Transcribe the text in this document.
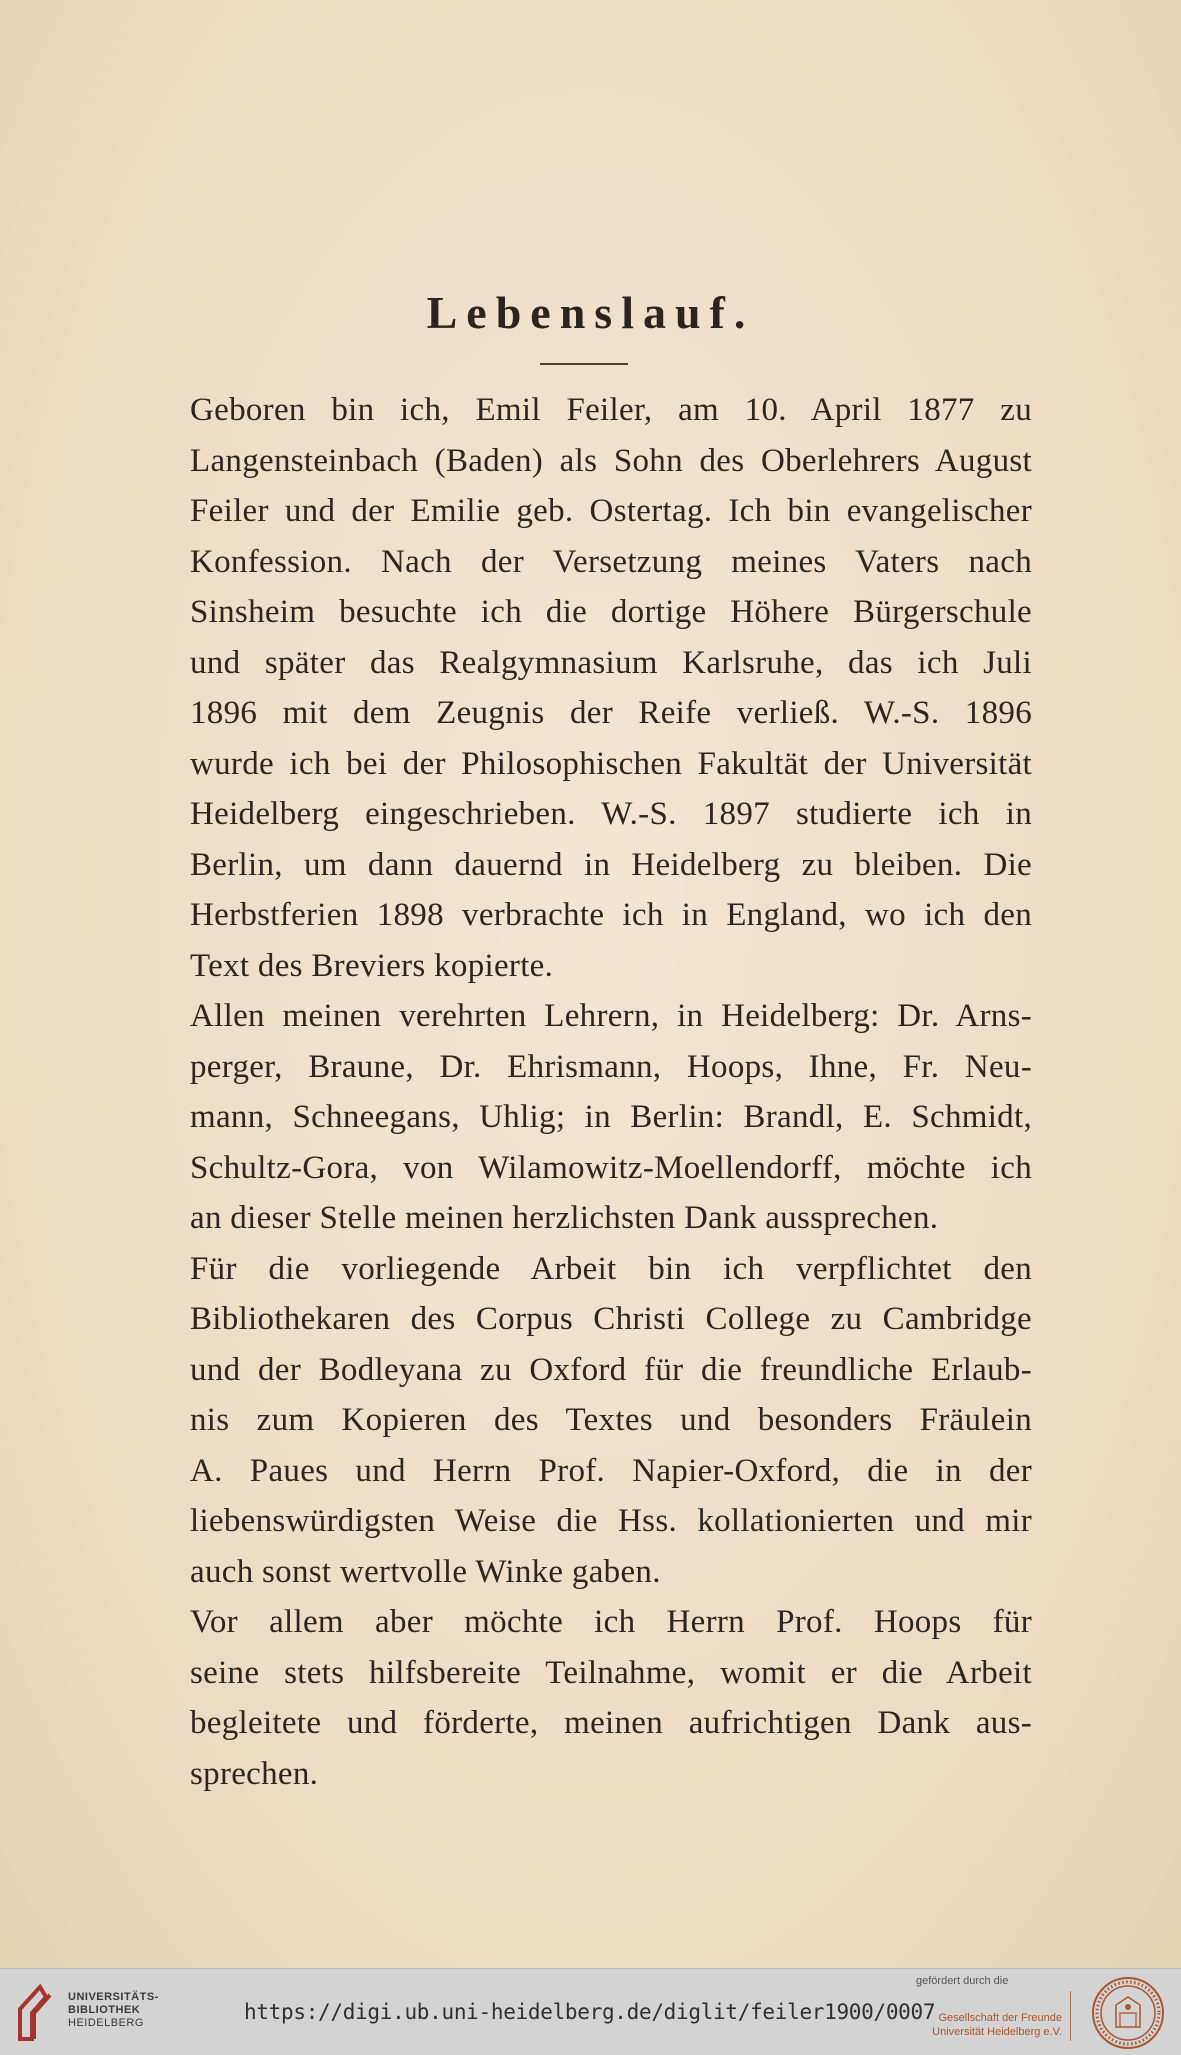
Lebenslauf.

Geboren bin ich, Emil Feiler, am 10. April 1877 zu
Langensteinbach (Baden) als Sohn des Oberlehrers August
Feiler und der Emilie geb. Ostertag. Ich bin evangelischer
Konfession. Nach der Versetzung meines Vaters nach
Sinsheim besuchte ich die dortige Höhere Bürgerschule
und später das Realgymnasium Karlsruhe, das ich Juli
1896 mit dem Zeugnis der Reife verließ. W.-S. 1896
wurde ich bei der Philosophischen Fakultät der Universität
Heidelberg eingeschrieben. W.-S. 1897 studierte ich in
Berlin, um dann dauernd in Heidelberg zu bleiben. Die
Herbstferien 1898 verbrachte ich in England, wo ich den
Text des Breviers kopierte.

Allen meinen verehrten Lehrern, in Heidelberg: Dr. Arns-
perger, Braune, Dr. Ehrismann, Hoops, Ihne, Fr. Neu-
mann, Schneegans, Uhlig; in Berlin: Brandl, E. Schmidt,
Schultz-Gora, von Wilamowitz-Moellendorff, möchte ich
an dieser Stelle meinen herzlichsten Dank aussprechen.

Für die vorliegende Arbeit bin ich verpflichtet den
Bibliothekaren des Corpus Christi College zu Cambridge
und der Bodleyana zu Oxford für die freundliche Erlaub-
nis zum Kopieren des Textes und besonders Fräulein
A. Paues und Herrn Prof. Napier-Oxford, die in der
liebenswürdigsten Weise die Hss. kollationierten und mir
auch sonst wertvolle Winke gaben.

Vor allem aber möchte ich Herrn Prof. Hoops für
seine stets hilfsbereite Teilnahme, womit er die Arbeit
begleitete und förderte, meinen aufrichtigen Dank aus-
sprechen.

UNIVERSITÄTS-
BIBLIOTHEK
HEIDELBERG	https://digi.ub.uni-heidelberg.de/diglit/feiler1900/0007
gefördert durch die
Gesellschaft der Freunde
Universität Heidelberg e.V.
